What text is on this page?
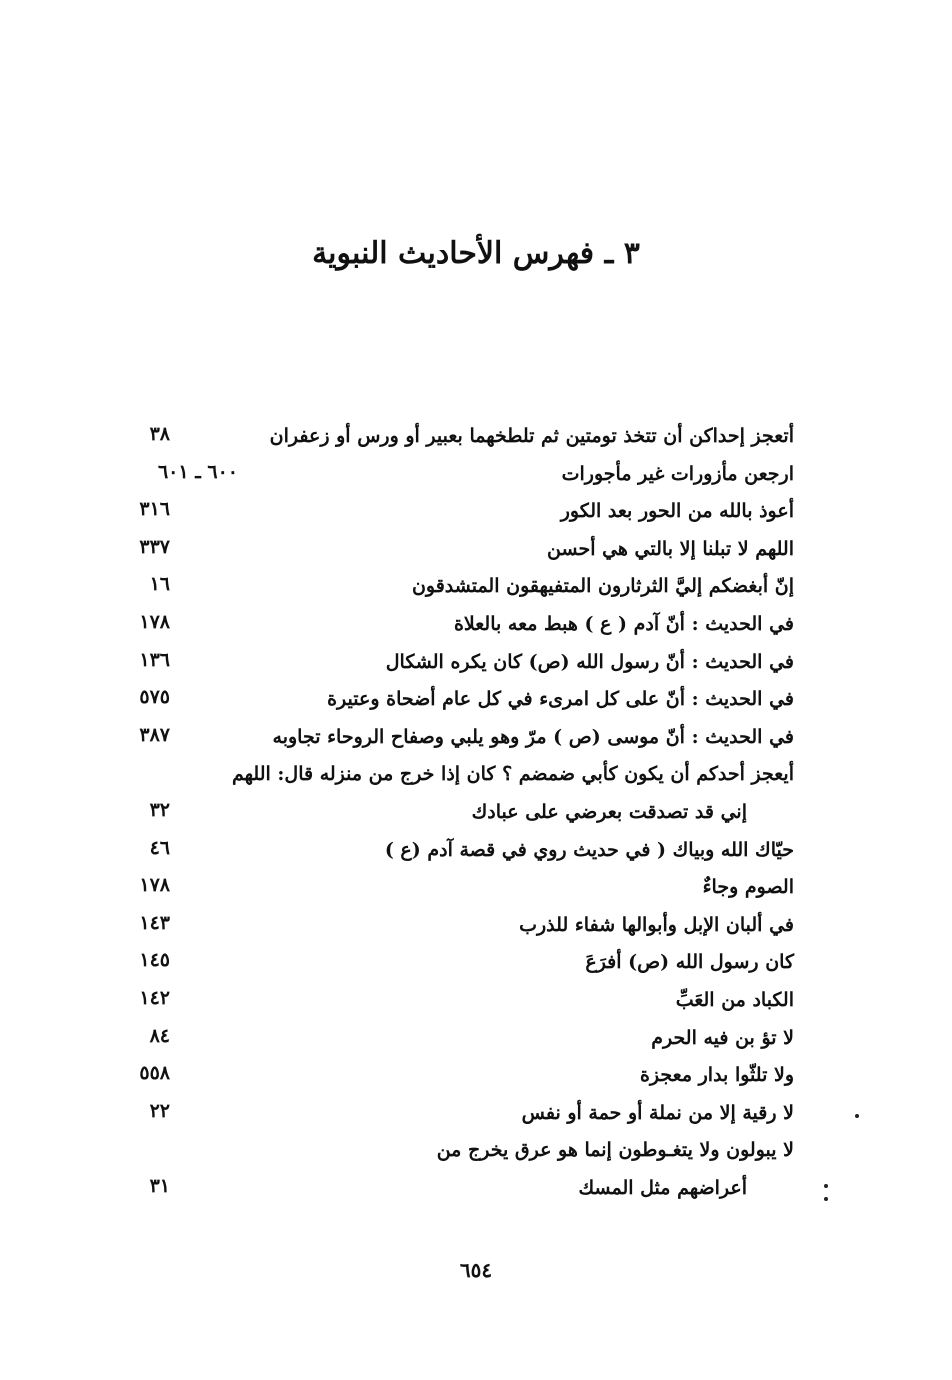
٣ ـ فهرس الأحاديث النبوية
أتعجز إحداكن أن تتخذ تومتين ثم تلطخهما بعبير أو ورس أو زعفران
٣٨
ارجعن مأزورات غير مأجورات
٦٠٠ ـ ٦٠١
أعوذ بالله من الحور بعد الكور
٣١٦
اللهم لا تبلنا إلا بالتي هي أحسن
٣٣٧
إنّ أبغضكم إليَّ الثرثارون المتفيهقون المتشدقون
١٦
في الحديث : أنّ آدم ( ع ) هبط معه بالعلاة
١٧٨
في الحديث : أنّ رسول الله (ص) كان يكره الشكال
١٣٦
في الحديث : أنّ على كل امرىء في كل عام أضحاة وعتيرة
٥٧٥
في الحديث : أنّ موسى (ص ) مرّ وهو يلبي وصفاح الروحاء تجاوبه
٣٨٧
أيعجز أحدكم أن يكون كأبي ضمضم ؟ كان إذا خرج من منزله قال: اللهم
إني قد تصدقت بعرضي على عبادك
٣٢
حيّاك الله وبياك ( في حديث روي في قصة آدم (ع )
٤٦
الصوم وجاءٌ
١٧٨
في ألبان الإبل وأبوالها شفاء للذرب
١٤٣
كان رسول الله (ص) أفرَعَ
١٤٥
الكباد من العَبِّ
١٤٢
لا تؤ بن فيه الحرم
٨٤
ولا تلثّوا بدار معجزة
٥٥٨
لا رقية إلا من نملة أو حمة أو نفس
٢٢
لا يبولون ولا يتغـوطون إنما هو عرق يخرج من
أعراضهم مثل المسك
٣١
٦٥٤
